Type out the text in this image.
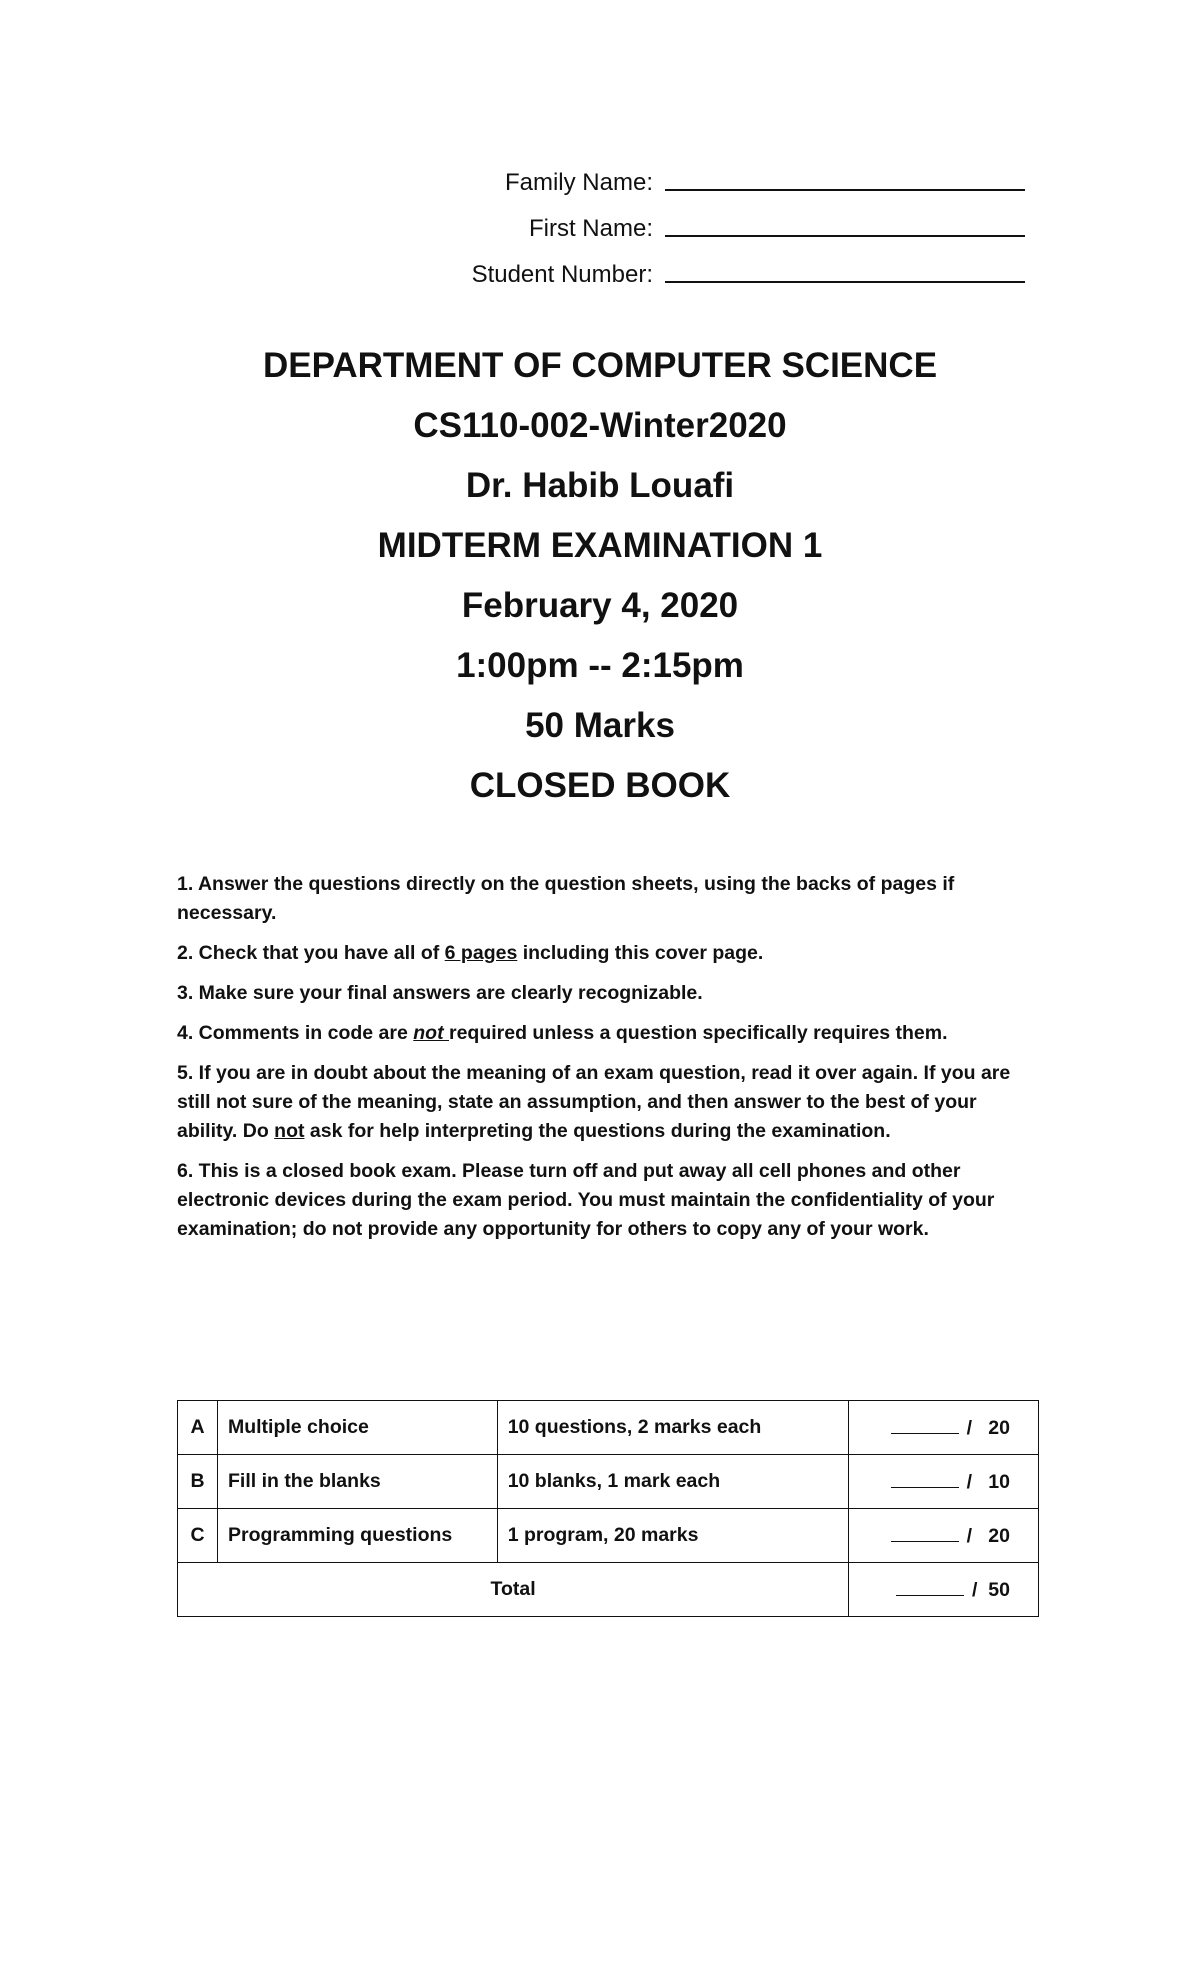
Family Name:
First Name:
Student Number:
DEPARTMENT OF COMPUTER SCIENCE
CS110-002-Winter2020
Dr. Habib Louafi
MIDTERM EXAMINATION 1
February 4, 2020
1:00pm -- 2:15pm
50 Marks
CLOSED BOOK
1. Answer the questions directly on the question sheets, using the backs of pages if necessary.
2. Check that you have all of 6 pages including this cover page.
3. Make sure your final answers are clearly recognizable.
4. Comments in code are not required unless a question specifically requires them.
5. If you are in doubt about the meaning of an exam question, read it over again. If you are still not sure of the meaning, state an assumption, and then answer to the best of your ability. Do not ask for help interpreting the questions during the examination.
6. This is a closed book exam. Please turn off and put away all cell phones and other electronic devices during the exam period. You must maintain the confidentiality of your examination; do not provide any opportunity for others to copy any of your work.
A	Multiple choice	10 questions, 2 marks each	/ 20
B	Fill in the blanks	10 blanks, 1 mark each	/ 10
C	Programming questions	1 program, 20 marks	/ 20
Total			/ 50
